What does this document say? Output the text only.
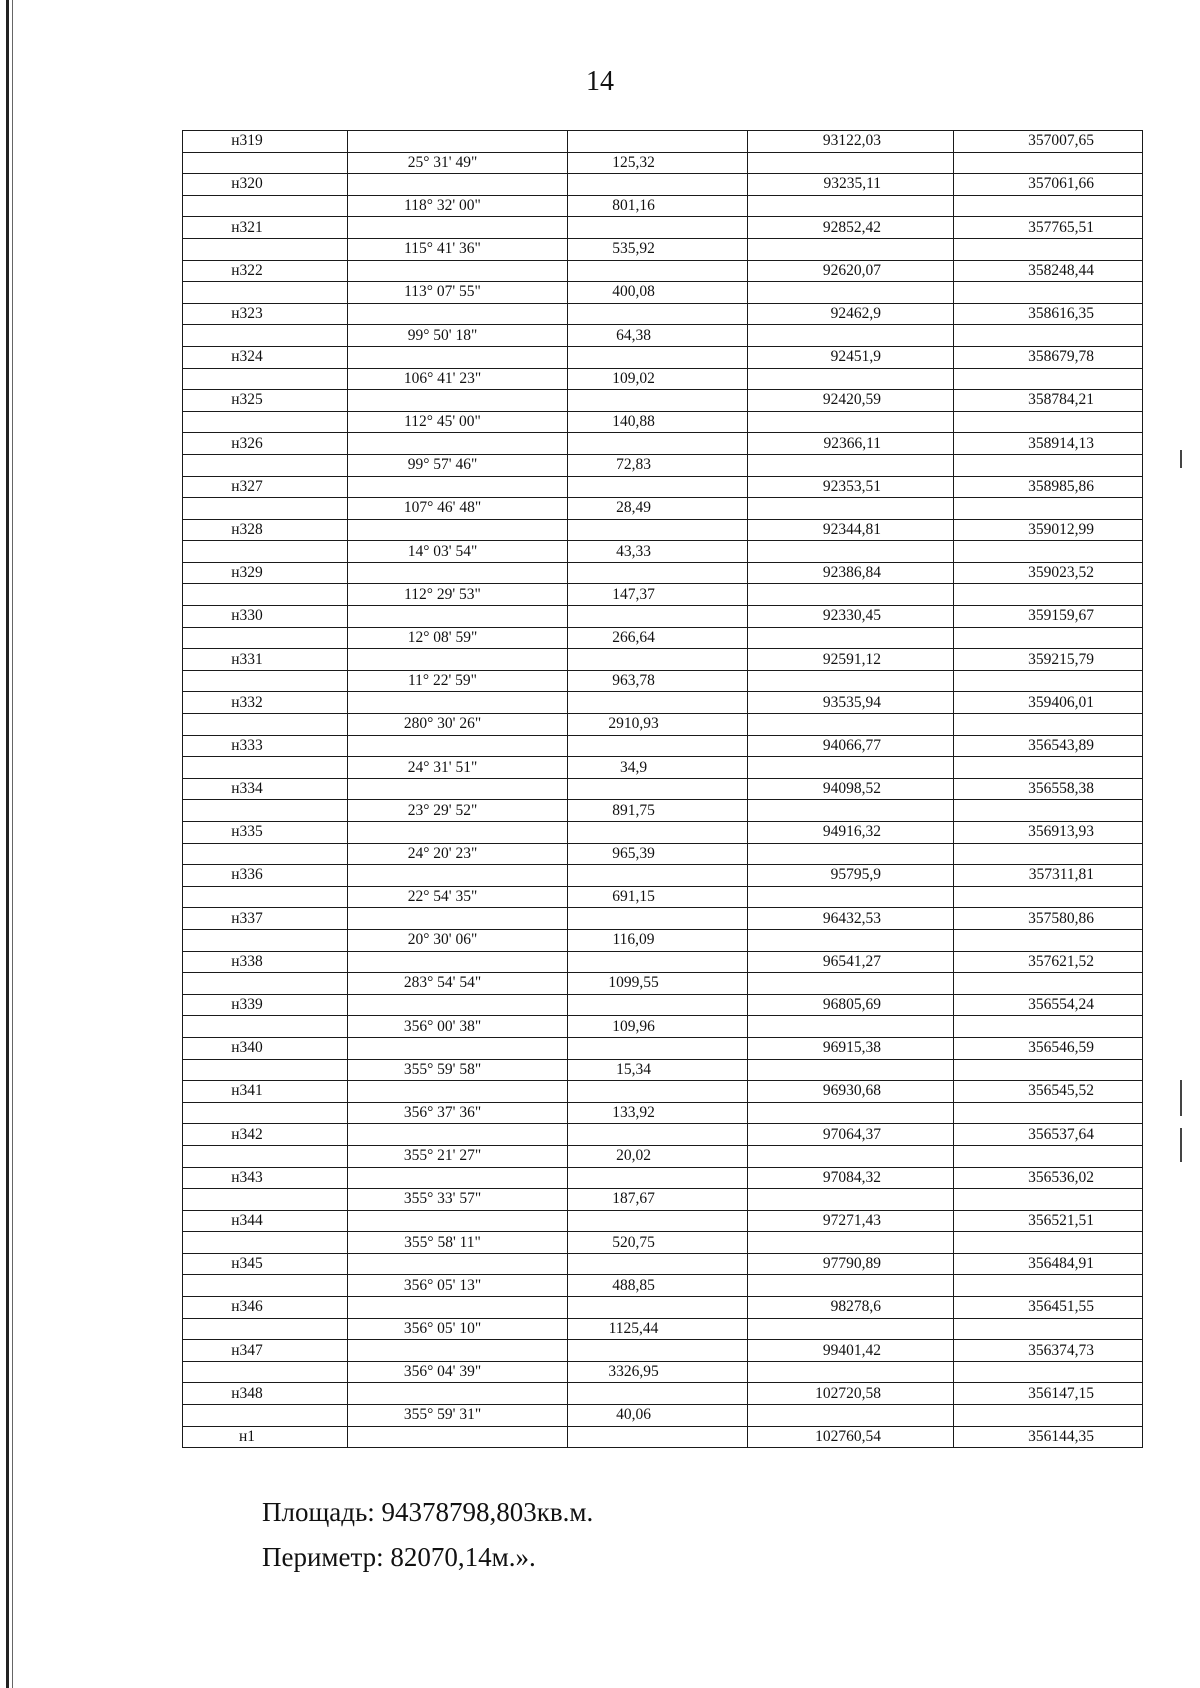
14
н319			93122,03	357007,65
	25° 31' 49"	125,32		
н320			93235,11	357061,66
	118° 32' 00"	801,16		
н321			92852,42	357765,51
	115° 41' 36"	535,92		
н322			92620,07	358248,44
	113° 07' 55"	400,08		
н323			92462,9	358616,35
	99° 50' 18"	64,38		
н324			92451,9	358679,78
	106° 41' 23"	109,02		
н325			92420,59	358784,21
	112° 45' 00"	140,88		
н326			92366,11	358914,13
	99° 57' 46"	72,83		
н327			92353,51	358985,86
	107° 46' 48"	28,49		
н328			92344,81	359012,99
	14° 03' 54"	43,33		
н329			92386,84	359023,52
	112° 29' 53"	147,37		
н330			92330,45	359159,67
	12° 08' 59"	266,64		
н331			92591,12	359215,79
	11° 22' 59"	963,78		
н332			93535,94	359406,01
	280° 30' 26"	2910,93		
н333			94066,77	356543,89
	24° 31' 51"	34,9		
н334			94098,52	356558,38
	23° 29' 52"	891,75		
н335			94916,32	356913,93
	24° 20' 23"	965,39		
н336			95795,9	357311,81
	22° 54' 35"	691,15		
н337			96432,53	357580,86
	20° 30' 06"	116,09		
н338			96541,27	357621,52
	283° 54' 54"	1099,55		
н339			96805,69	356554,24
	356° 00' 38"	109,96		
н340			96915,38	356546,59
	355° 59' 58"	15,34		
н341			96930,68	356545,52
	356° 37' 36"	133,92		
н342			97064,37	356537,64
	355° 21' 27"	20,02		
н343			97084,32	356536,02
	355° 33' 57"	187,67		
н344			97271,43	356521,51
	355° 58' 11"	520,75		
н345			97790,89	356484,91
	356° 05' 13"	488,85		
н346			98278,6	356451,55
	356° 05' 10"	1125,44		
н347			99401,42	356374,73
	356° 04' 39"	3326,95		
н348			102720,58	356147,15
	355° 59' 31"	40,06		
н1			102760,54	356144,35
Площадь: 94378798,803кв.м.
Периметр: 82070,14м.».
